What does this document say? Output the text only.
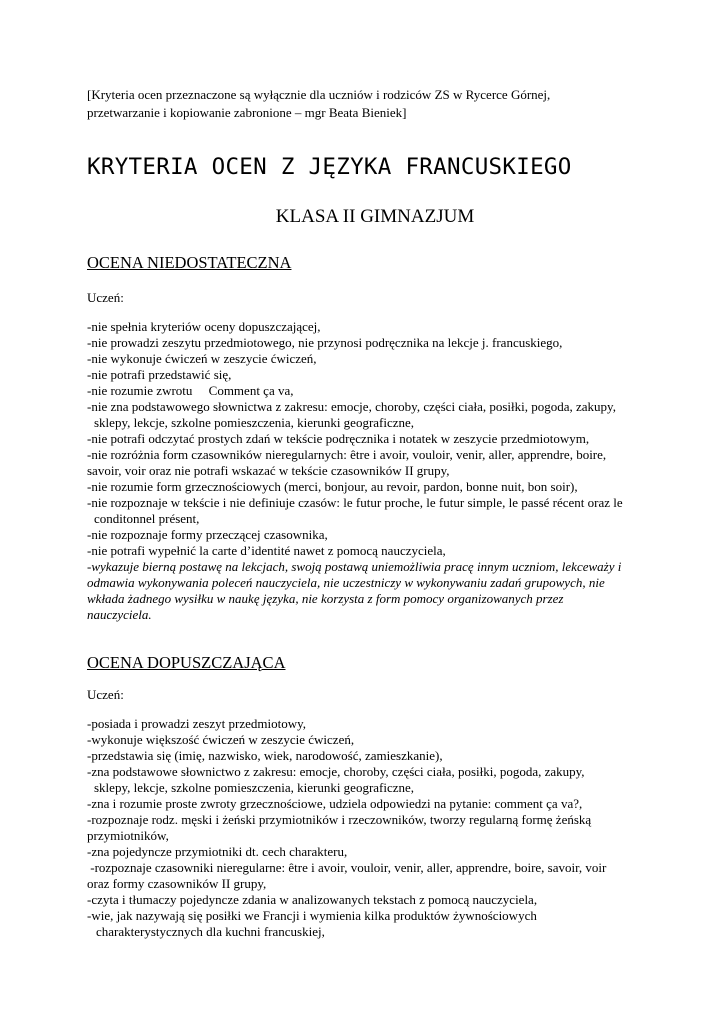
[Kryteria ocen przeznaczone są wyłącznie dla uczniów i rodziców ZS w Rycerce Górnej,
przetwarzanie i kopiowanie zabronione – mgr Beata Bieniek]
KRYTERIA OCEN Z JĘZYKA FRANCUSKIEGO
KLASA II GIMNAZJUM
OCENA NIEDOSTATECZNA
Uczeń:
-nie spełnia kryteriów oceny dopuszczającej,
-nie prowadzi zeszytu przedmiotowego, nie przynosi podręcznika na lekcje j. francuskiego,
-nie wykonuje ćwiczeń w zeszycie ćwiczeń,
-nie potrafi przedstawić się,
-nie rozumie zwrotu     Comment ça va,
-nie zna podstawowego słownictwa z zakresu: emocje, choroby, części ciała, posiłki, pogoda, zakupy,
sklepy, lekcje, szkolne pomieszczenia, kierunki geograficzne,
-nie potrafi odczytać prostych zdań w tekście podręcznika i notatek w zeszycie przedmiotowym,
-nie rozróżnia form czasowników nieregularnych: être i avoir, vouloir, venir, aller, apprendre, boire,
savoir, voir oraz nie potrafi wskazać w tekście czasowników II grupy,
-nie rozumie form grzecznościowych (merci, bonjour, au revoir, pardon, bonne nuit, bon soir),
-nie rozpoznaje w tekście i nie definiuje czasów: le futur proche, le futur simple, le passé récent oraz le
conditonnel présent,
-nie rozpoznaje formy przeczącej czasownika,
-nie potrafi wypełnić la carte d’identité nawet z pomocą nauczyciela,
-wykazuje bierną postawę na lekcjach, swoją postawą uniemożliwia pracę innym uczniom, lekceważy i
odmawia wykonywania poleceń nauczyciela, nie uczestniczy w wykonywaniu zadań grupowych, nie
wkłada żadnego wysiłku w naukę języka, nie korzysta z form pomocy organizowanych przez
nauczyciela.
OCENA DOPUSZCZAJĄCA
Uczeń:
-posiada i prowadzi zeszyt przedmiotowy,
-wykonuje większość ćwiczeń w zeszycie ćwiczeń,
-przedstawia się (imię, nazwisko, wiek, narodowość, zamieszkanie),
-zna podstawowe słownictwo z zakresu: emocje, choroby, części ciała, posiłki, pogoda, zakupy,
sklepy, lekcje, szkolne pomieszczenia, kierunki geograficzne,
-zna i rozumie proste zwroty grzecznościowe, udziela odpowiedzi na pytanie: comment ça va?,
-rozpoznaje rodz. męski i żeński przymiotników i rzeczowników, tworzy regularną formę żeńską
przymiotników,
-zna pojedyncze przymiotniki dt. cech charakteru,
-rozpoznaje czasowniki nieregularne: être i avoir, vouloir, venir, aller, apprendre, boire, savoir, voir
oraz formy czasowników II grupy,
-czyta i tłumaczy pojedyncze zdania w analizowanych tekstach z pomocą nauczyciela,
-wie, jak nazywają się posiłki we Francji i wymienia kilka produktów żywnościowych
charakterystycznych dla kuchni francuskiej,
